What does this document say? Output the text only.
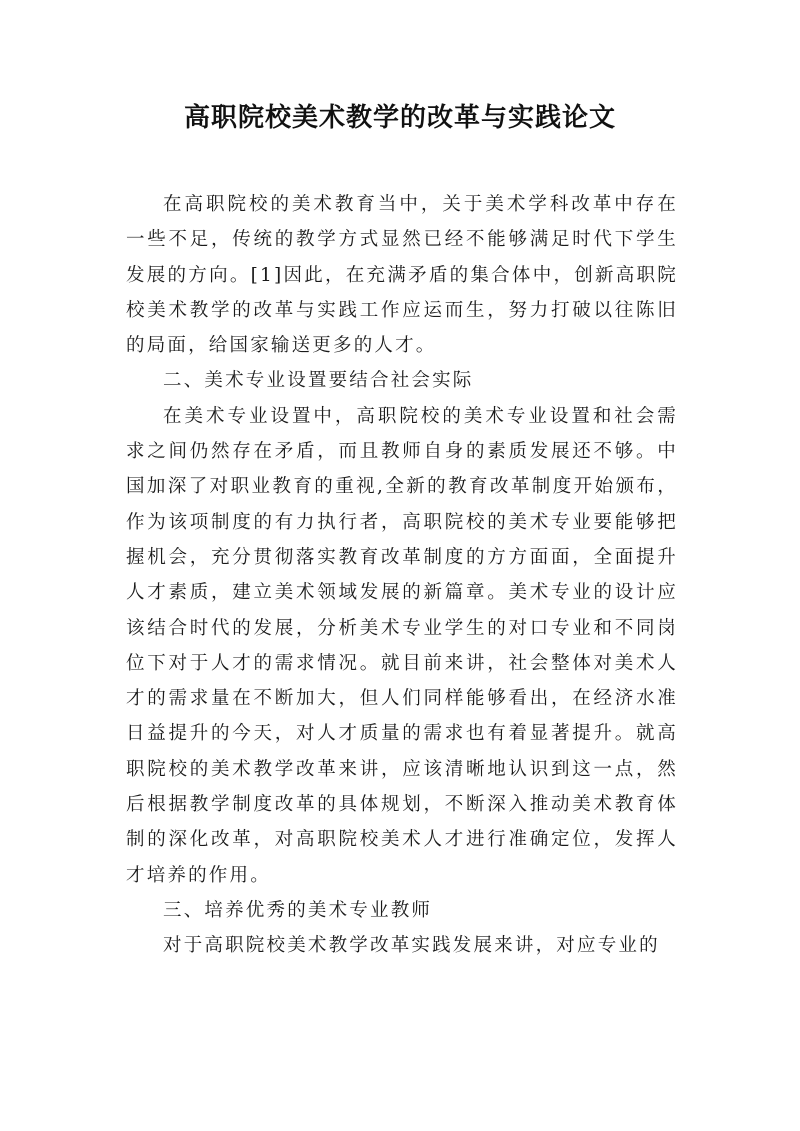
高职院校美术教学的改革与实践论文

在高职院校的美术教育当中，关于美术学科改革中存在一些不足，传统的教学方式显然已经不能够满足时代下学生发展的方向。[1]因此，在充满矛盾的集合体中，创新高职院校美术教学的改革与实践工作应运而生，努力打破以往陈旧的局面，给国家输送更多的人才。

二、美术专业设置要结合社会实际

在美术专业设置中，高职院校的美术专业设置和社会需求之间仍然存在矛盾，而且教师自身的素质发展还不够。中国加深了对职业教育的重视,全新的教育改革制度开始颁布，作为该项制度的有力执行者，高职院校的美术专业要能够把握机会，充分贯彻落实教育改革制度的方方面面，全面提升人才素质，建立美术领域发展的新篇章。美术专业的设计应该结合时代的发展，分析美术专业学生的对口专业和不同岗位下对于人才的需求情况。就目前来讲，社会整体对美术人才的需求量在不断加大，但人们同样能够看出，在经济水准日益提升的今天，对人才质量的需求也有着显著提升。就高职院校的美术教学改革来讲，应该清晰地认识到这一点，然后根据教学制度改革的具体规划，不断深入推动美术教育体制的深化改革，对高职院校美术人才进行准确定位，发挥人才培养的作用。

三、培养优秀的美术专业教师

对于高职院校美术教学改革实践发展来讲，对应专业的
